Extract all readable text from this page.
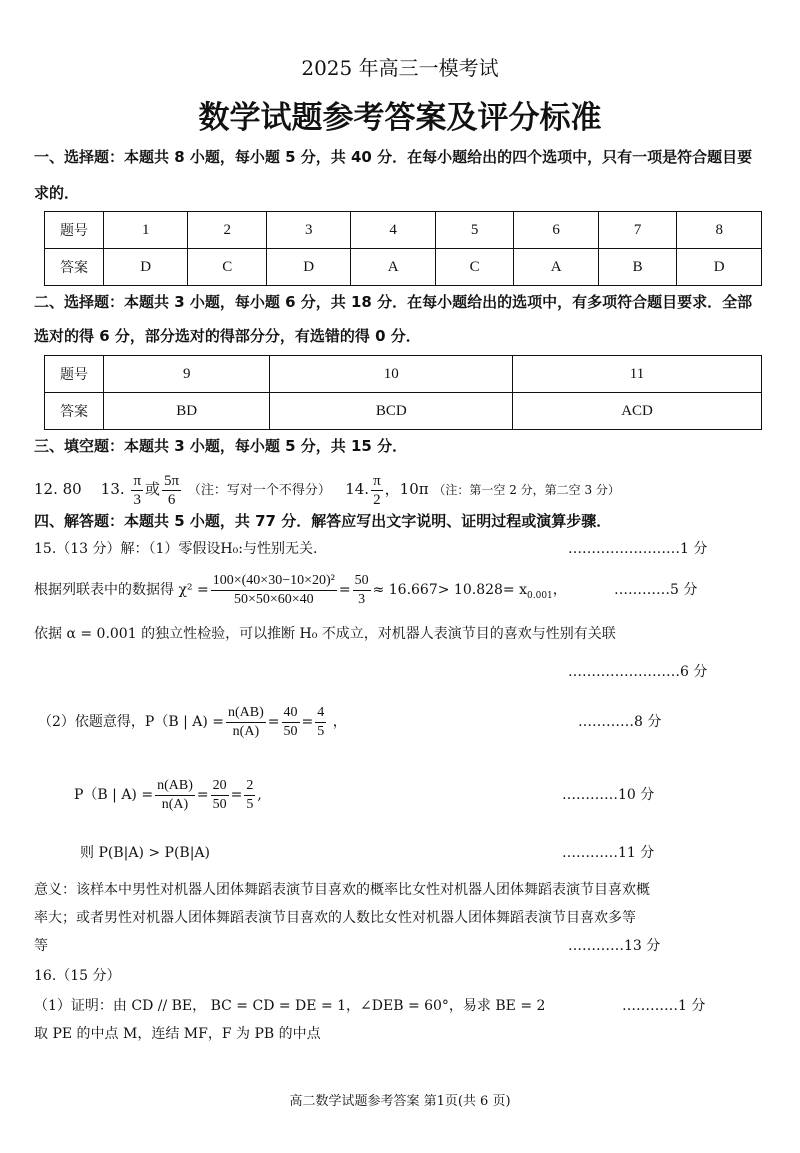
2025 年高三一模考试
数学试题参考答案及评分标准
一、选择题：本题共 8 小题，每小题 5 分，共 40 分．在每小题给出的四个选项中，只有一项是符合题目要
求的．
题号	1	2	3	4	5	6	7	8
答案	D	C	D	A	C	A	B	D
二、选择题：本题共 3 小题，每小题 6 分，共 18 分．在每小题给出的选项中，有多项符合题目要求．全部
选对的得 6 分，部分选对的得部分分，有选错的得 0 分．
题号	9	10	11
答案	BD	BCD	ACD
三、填空题：本题共 3 小题，每小题 5 分，共 15 分．
12. 80 13. $\frac{\pi}{3}$ 或 $\frac{5\pi}{6}$ （注：写对一个不得分） 14. $\frac{\pi}{2}$ ，10π （注：第一空 2 分，第二空 3 分）
四、解答题：本题共 5 小题，共 77 分．解答应写出文字说明、证明过程或演算步骤．
15.（13 分）解：（1）零假设H₀:与性别无关.	……………………1 分
根据列联表中的数据得 $\chi^2 = \frac{\text{100×(40×30−10×20)²}}{50\times 50\times 60\times 40} = \frac{50}{3} \approx 16.667> 10.828= x_{0.001}$，	…………5 分
依据 α = 0.001 的独立性检验，可以推断 H₀ 不成立，对机器人表演节目的喜欢与性别有关联
……………………6 分
（2）依题意得，P（B | $A) = \frac{n(AB)}{n(A)} = \frac{40}{50} = \frac{4}{5}$ ，	…………8 分
P（B | $A) = \frac{n(AB)}{n(A)} = \frac{20}{50} = \frac{2}{5}$ ,	…………10 分
则 P(B|A) > P(B|A)	…………11 分
意义：该样本中男性对机器人团体舞蹈表演节目喜欢的概率比女性对机器人团体舞蹈表演节目喜欢概
率大；或者男性对机器人团体舞蹈表演节目喜欢的人数比女性对机器人团体舞蹈表演节目喜欢多等
等	…………13 分
16.（15 分）
（1）证明：由 CD // BE， BC = CD = DE = 1，∠DEB = 60°，易求 BE = 2	…………1 分
取 PE 的中点 M，连结 MF，F 为 PB 的中点
高二数学试题参考答案 第1页(共 6 页)
